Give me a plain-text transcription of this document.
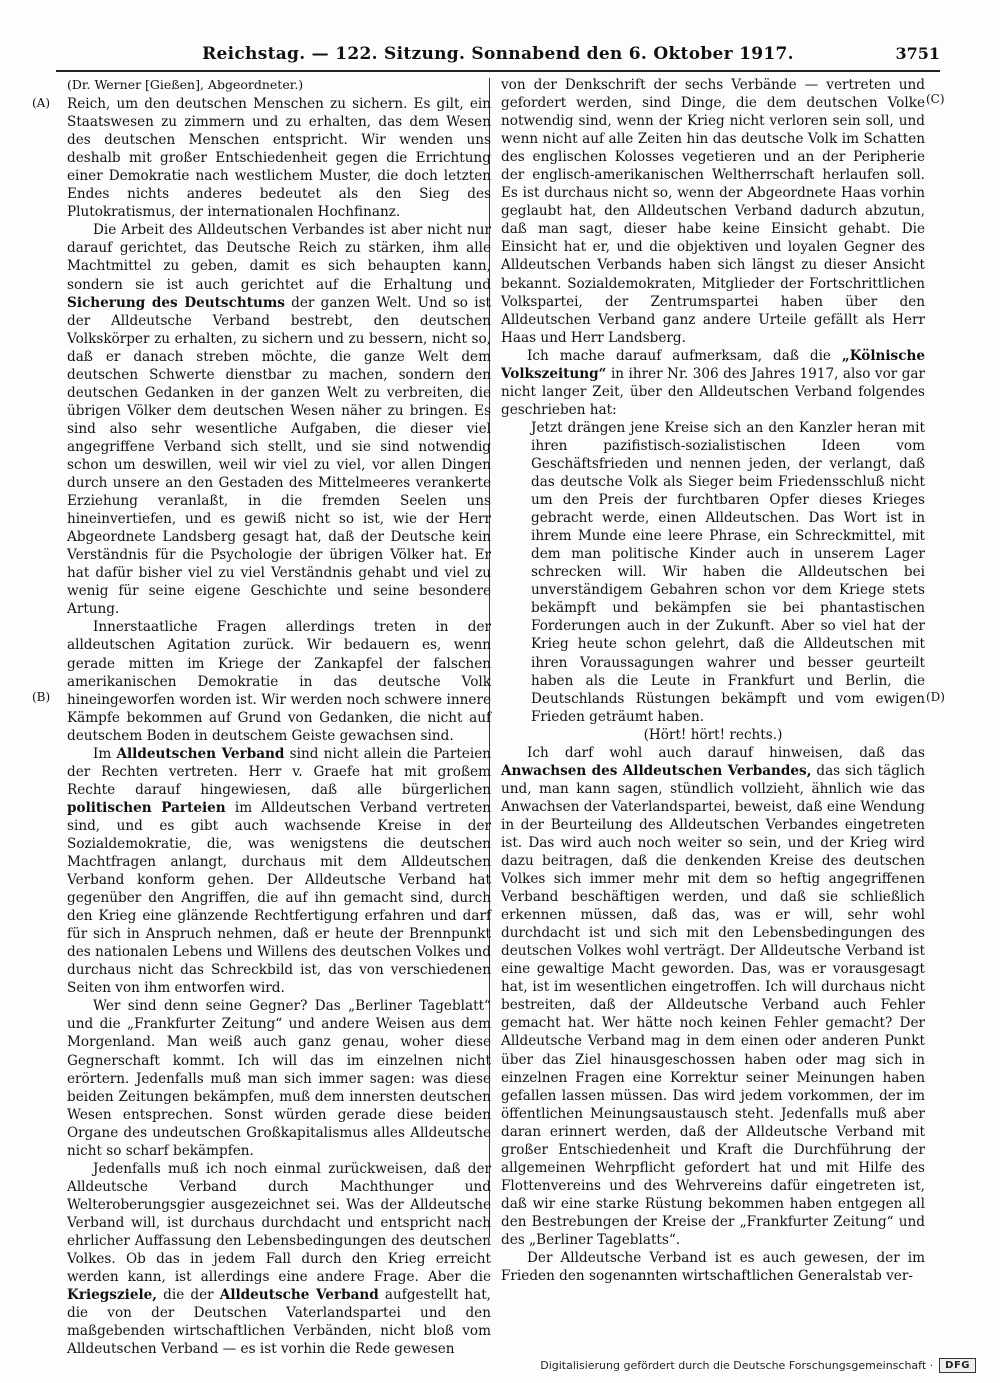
Reichstag. — 122. Sitzung. Sonnabend den 6. Oktober 1917.	3751
(A)
(B)
(C)
(D)

(Dr. Werner [Gießen], Abgeordneter.)

Reich, um den deutschen Menschen zu sichern. Es gilt, ein Staatswesen zu zimmern und zu erhalten, das dem Wesen des deutschen Menschen entspricht. Wir wenden uns deshalb mit großer Entschiedenheit gegen die Errichtung einer Demokratie nach westlichem Muster, die doch letzten Endes nichts anderes bedeutet als den Sieg des Plutokratismus, der internationalen Hochfinanz.

Die Arbeit des Alldeutschen Verbandes ist aber nicht nur darauf gerichtet, das Deutsche Reich zu stärken, ihm alle Machtmittel zu geben, damit es sich behaupten kann, sondern sie ist auch gerichtet auf die Erhaltung und Sicherung des Deutschtums der ganzen Welt. Und so ist der Alldeutsche Verband bestrebt, den deutschen Volkskörper zu erhalten, zu sichern und zu bessern, nicht so, daß er danach streben möchte, die ganze Welt dem deutschen Schwerte dienstbar zu machen, sondern den deutschen Gedanken in der ganzen Welt zu verbreiten, die übrigen Völker dem deutschen Wesen näher zu bringen. Es sind also sehr wesentliche Aufgaben, die dieser viel angegriffene Verband sich stellt, und sie sind notwendig schon um deswillen, weil wir viel zu viel, vor allen Dingen durch unsere an den Gestaden des Mittelmeeres verankerte Erziehung veranlaßt, in die fremden Seelen uns hineinvertiefen, und es gewiß nicht so ist, wie der Herr Abgeordnete Landsberg gesagt hat, daß der Deutsche kein Verständnis für die Psychologie der übrigen Völker hat. Er hat dafür bisher viel zu viel Verständnis gehabt und viel zu wenig für seine eigene Geschichte und seine besondere Artung.

Innerstaatliche Fragen allerdings treten in der alldeutschen Agitation zurück. Wir bedauern es, wenn gerade mitten im Kriege der Zankapfel der falschen amerikanischen Demokratie in das deutsche Volk hineingeworfen worden ist. Wir werden noch schwere innere Kämpfe bekommen auf Grund von Gedanken, die nicht auf deutschem Boden in deutschem Geiste gewachsen sind.

Im Alldeutschen Verband sind nicht allein die Parteien der Rechten vertreten. Herr v. Graefe hat mit großem Rechte darauf hingewiesen, daß alle bürgerlichen politischen Parteien im Alldeutschen Verband vertreten sind, und es gibt auch wachsende Kreise in der Sozialdemokratie, die, was wenigstens die deutschen Machtfragen anlangt, durchaus mit dem Alldeutschen Verband konform gehen. Der Alldeutsche Verband hat gegenüber den Angriffen, die auf ihn gemacht sind, durch den Krieg eine glänzende Rechtfertigung erfahren und darf für sich in Anspruch nehmen, daß er heute der Brennpunkt des nationalen Lebens und Willens des deutschen Volkes und durchaus nicht das Schreckbild ist, das von verschiedenen Seiten von ihm entworfen wird.

Wer sind denn seine Gegner? Das „Berliner Tageblatt“ und die „Frankfurter Zeitung“ und andere Weisen aus dem Morgenland. Man weiß auch ganz genau, woher diese Gegnerschaft kommt. Ich will das im einzelnen nicht erörtern. Jedenfalls muß man sich immer sagen: was diese beiden Zeitungen bekämpfen, muß dem innersten deutschen Wesen entsprechen. Sonst würden gerade diese beiden Organe des undeutschen Großkapitalismus alles Alldeutsche nicht so scharf bekämpfen.

Jedenfalls muß ich noch einmal zurückweisen, daß der Alldeutsche Verband durch Machthunger und Welteroberungsgier ausgezeichnet sei. Was der Alldeutsche Verband will, ist durchaus durchdacht und entspricht nach ehrlicher Auffassung den Lebensbedingungen des deutschen Volkes. Ob das in jedem Fall durch den Krieg erreicht werden kann, ist allerdings eine andere Frage. Aber die Kriegsziele, die der Alldeutsche Verband aufgestellt hat, die von der Deutschen Vaterlandspartei und den maßgebenden wirtschaftlichen Verbänden, nicht bloß vom Alldeutschen Verband — es ist vorhin die Rede gewesen

von der Denkschrift der sechs Verbände — vertreten und gefordert werden, sind Dinge, die dem deutschen Volke notwendig sind, wenn der Krieg nicht verloren sein soll, und wenn nicht auf alle Zeiten hin das deutsche Volk im Schatten des englischen Kolosses vegetieren und an der Peripherie der englisch-amerikanischen Weltherrschaft herlaufen soll. Es ist durchaus nicht so, wenn der Abgeordnete Haas vorhin geglaubt hat, den Alldeutschen Verband dadurch abzutun, daß man sagt, dieser habe keine Einsicht gehabt. Die Einsicht hat er, und die objektiven und loyalen Gegner des Alldeutschen Verbands haben sich längst zu dieser Ansicht bekannt. Sozialdemokraten, Mitglieder der Fortschrittlichen Volkspartei, der Zentrumspartei haben über den Alldeutschen Verband ganz andere Urteile gefällt als Herr Haas und Herr Landsberg.

Ich mache darauf aufmerksam, daß die „Kölnische Volkszeitung“ in ihrer Nr. 306 des Jahres 1917, also vor gar nicht langer Zeit, über den Alldeutschen Verband folgendes geschrieben hat:

Jetzt drängen jene Kreise sich an den Kanzler heran mit ihren pazifistisch-sozialistischen Ideen vom Geschäftsfrieden und nennen jeden, der verlangt, daß das deutsche Volk als Sieger beim Friedensschluß nicht um den Preis der furchtbaren Opfer dieses Krieges gebracht werde, einen Alldeutschen. Das Wort ist in ihrem Munde eine leere Phrase, ein Schreckmittel, mit dem man politische Kinder auch in unserem Lager schrecken will. Wir haben die Alldeutschen bei unverständigem Gebahren schon vor dem Kriege stets bekämpft und bekämpfen sie bei phantastischen Forderungen auch in der Zukunft. Aber so viel hat der Krieg heute schon gelehrt, daß die Alldeutschen mit ihren Voraussagungen wahrer und besser geurteilt haben als die Leute in Frankfurt und Berlin, die Deutschlands Rüstungen bekämpft und vom ewigen Frieden geträumt haben.

(Hört! hört! rechts.)

Ich darf wohl auch darauf hinweisen, daß das Anwachsen des Alldeutschen Verbandes, das sich täglich und, man kann sagen, stündlich vollzieht, ähnlich wie das Anwachsen der Vaterlandspartei, beweist, daß eine Wendung in der Beurteilung des Alldeutschen Verbandes eingetreten ist. Das wird auch noch weiter so sein, und der Krieg wird dazu beitragen, daß die denkenden Kreise des deutschen Volkes sich immer mehr mit dem so heftig angegriffenen Verband beschäftigen werden, und daß sie schließlich erkennen müssen, daß das, was er will, sehr wohl durchdacht ist und sich mit den Lebensbedingungen des deutschen Volkes wohl verträgt. Der Alldeutsche Verband ist eine gewaltige Macht geworden. Das, was er vorausgesagt hat, ist im wesentlichen eingetroffen. Ich will durchaus nicht bestreiten, daß der Alldeutsche Verband auch Fehler gemacht hat. Wer hätte noch keinen Fehler gemacht? Der Alldeutsche Verband mag in dem einen oder anderen Punkt über das Ziel hinausgeschossen haben oder mag sich in einzelnen Fragen eine Korrektur seiner Meinungen haben gefallen lassen müssen. Das wird jedem vorkommen, der im öffentlichen Meinungsaustausch steht. Jedenfalls muß aber daran erinnert werden, daß der Alldeutsche Verband mit großer Entschiedenheit und Kraft die Durchführung der allgemeinen Wehrpflicht gefordert hat und mit Hilfe des Flottenvereins und des Wehrvereins dafür eingetreten ist, daß wir eine starke Rüstung bekommen haben entgegen all den Bestrebungen der Kreise der „Frankfurter Zeitung“ und des „Berliner Tageblatts“.

Der Alldeutsche Verband ist es auch gewesen, der im Frieden den sogenannten wirtschaftlichen Generalstab ver-

Digitalisierung gefördert durch die Deutsche Forschungsgemeinschaft ·	DFG
